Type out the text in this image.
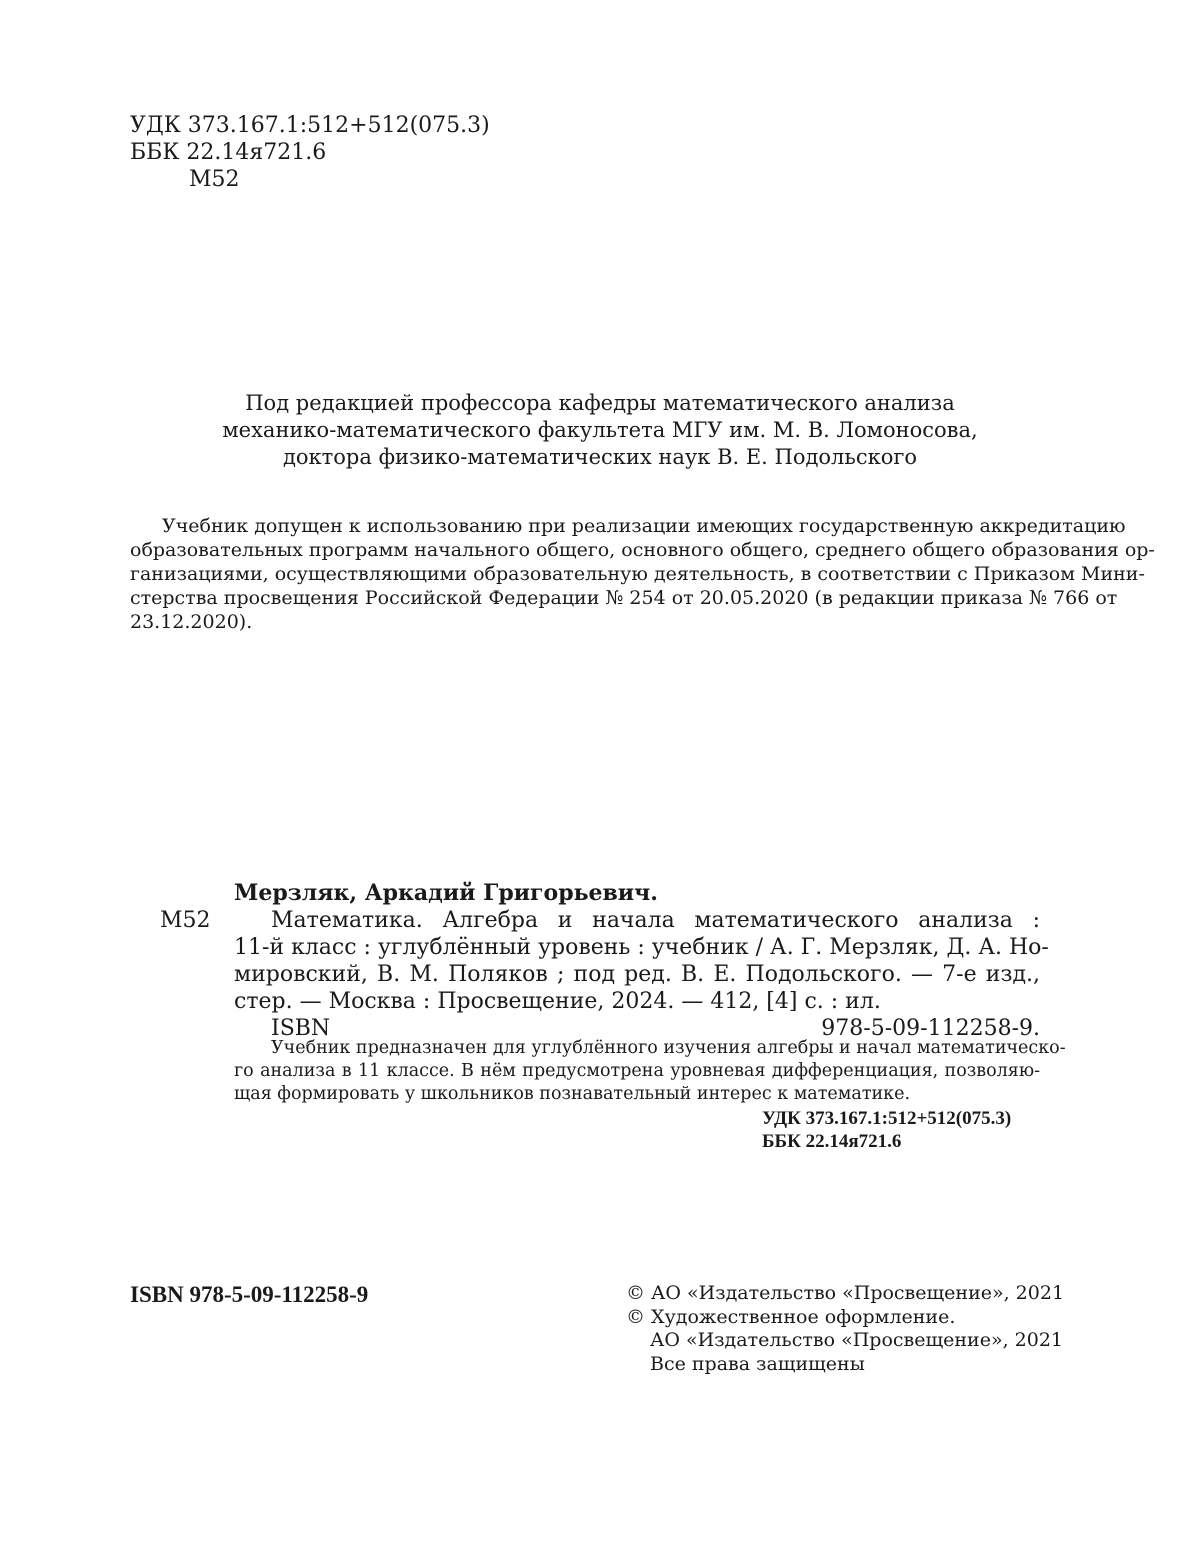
УДК 373.167.1:512+512(075.3)
ББК 22.14я721.6
М52
Под редакцией профессора кафедры математического анализа
механико-математического факультета МГУ им. М. В. Ломоносова,
доктора физико-математических наук В. Е. Подольского
Учебник допущен к использованию при реализации имеющих государственную аккредитацию
образовательных программ начального общего, основного общего, среднего общего образования ор-
ганизациями, осуществляющими образовательную деятельность, в соответствии с Приказом Мини-
стерства просвещения Российской Федерации № 254 от 20.05.2020 (в редакции приказа № 766 от
23.12.2020).
Мерзляк, Аркадий Григорьевич.
М52	Математика. Алгебра и начала математического анализа :
11-й класс : углублённый уровень : учебник / А. Г. Мерзляк, Д. А. Но-
мировский, В. М. Поляков ; под ред. В. Е. Подольского. — 7-е изд.,
стер. — Москва : Просвещение, 2024. — 412, [4] с. : ил.
ISBN 978-5-09-112258-9.
Учебник предназначен для углублённого изучения алгебры и начал математическо-
го анализа в 11 классе. В нём предусмотрена уровневая дифференциация, позволяю-
щая формировать у школьников познавательный интерес к математике.
УДК 373.167.1:512+512(075.3)
ББК 22.14я721.6
ISBN 978-5-09-112258-9	© АО «Издательство «Просвещение», 2021
© Художественное оформление.
АО «Издательство «Просвещение», 2021
Все права защищены
